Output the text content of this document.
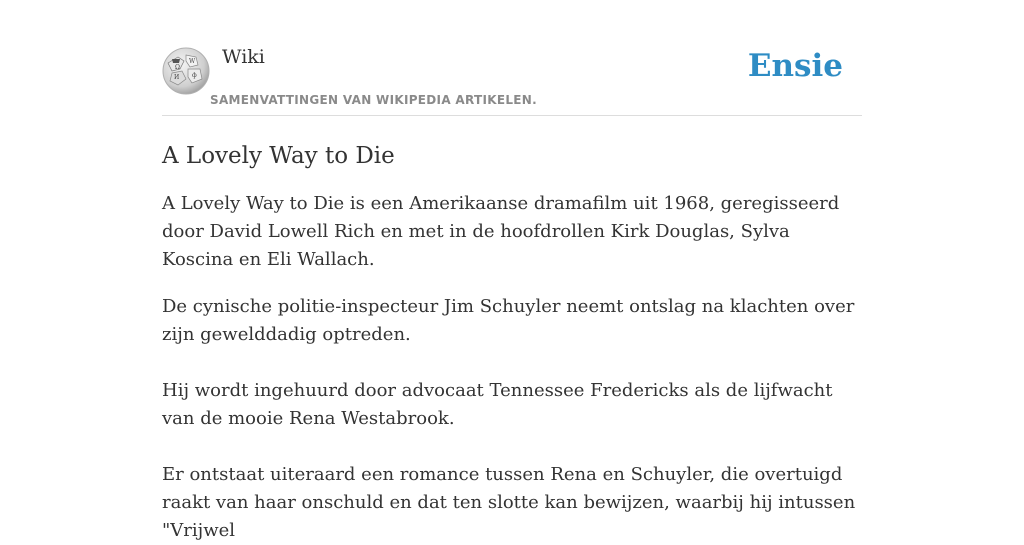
Ω
W
И ф
Wiki
SAMENVATTINGEN VAN WIKIPEDIA ARTIKELEN.
Ensie
A Lovely Way to Die

A Lovely Way to Die is een Amerikaanse dramafilm uit 1968, geregisseerd door David Lowell Rich en met in de hoofdrollen Kirk Douglas, Sylva Koscina en Eli Wallach.

De cynische politie-inspecteur Jim Schuyler neemt ontslag na klachten over zijn gewelddadig optreden.

Hij wordt ingehuurd door advocaat Tennessee Fredericks als de lijfwacht van de mooie Rena Westabrook.

Er ontstaat uiteraard een romance tussen Rena en Schuyler, die overtuigd raakt van haar onschuld en dat ten slotte kan bewijzen, waarbij hij intussen "Vrijwel
